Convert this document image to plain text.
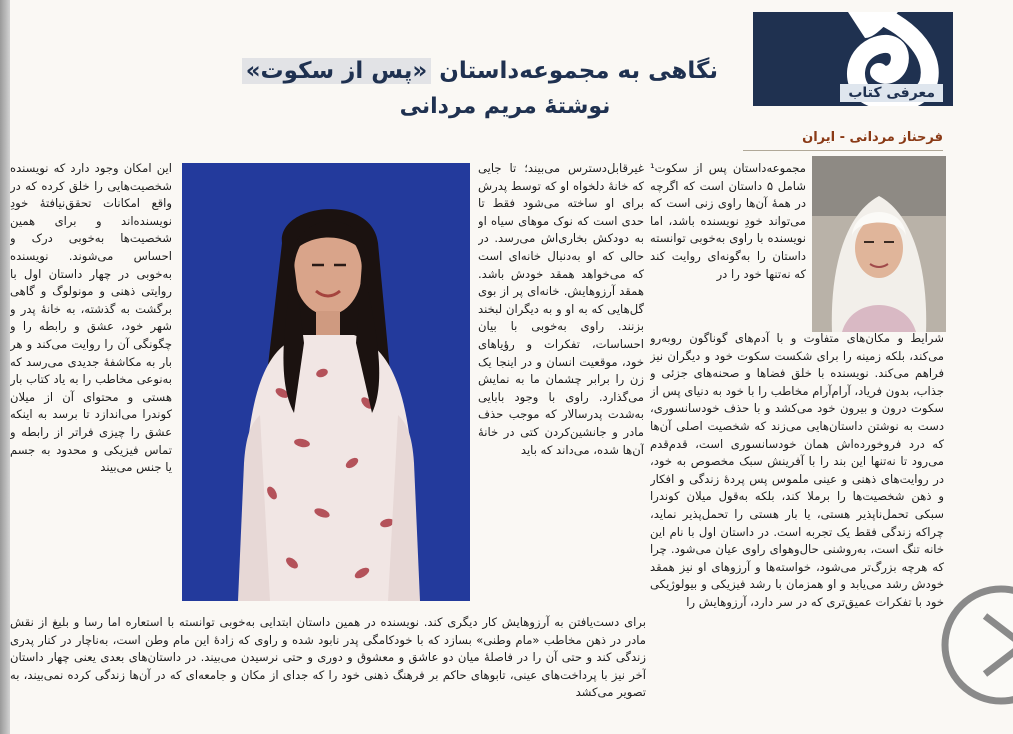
معرفی کتاب
نگاهی به مجموعه‌داستان «پس از سکوت»
نوشتهٔ مریم مردانی
فرحناز مردانی - ایران

مجموعه‌داستان پس از سکوت¹ شامل ۵ داستان است که اگرچه در همهٔ آن‌ها راوی زنی است که می‌تواند خودِ نویسنده باشد، اما نویسنده با راوی به‌خوبی توانسته داستان را به‌گونه‌ای روایت کند که نه‌تنها خود را در

شرایط و مکان‌های متفاوت و با آدم‌های گوناگون روبه‌رو می‌کند، بلکه زمینه را برای شکست سکوت خود و دیگران نیز فراهم می‌کند. نویسنده با خلق فضاها و صحنه‌های جزئی و جذاب، بدون فریاد، آرام‌آرام مخاطب را با خود به دنیای پس از سکوت درون و بیرون خود می‌کشد و با حذف خودسانسوری، دست به نوشتن داستان‌هایی می‌زند که شخصیت اصلی آن‌ها که درد فروخورده‌اش همان خودسانسوری است، قدم‌قدم می‌رود تا نه‌تنها این بند را با آفرینش سبک مخصوص به خود، در روایت‌های ذهنی و عینی ملموس پس پردهٔ زندگی و افکار و ذهن شخصیت‌ها را برملا کند، بلکه به‌قول میلان کوندرا سبکی تحمل‌ناپذیر هستی، یا بار هستی را تحمل‌پذیر نماید، چراکه زندگی فقط یک تجربه است. در داستان اول با نام این خانه تنگ است، به‌روشنی حال‌وهوای راوی عیان می‌شود. چرا که هرچه بزرگ‌تر می‌شود، خواسته‌ها و آرزوهای او نیز همقد خودش رشد می‌یابد و او همزمان با رشد فیزیکی و بیولوژیکی خود با تفکرات عمیق‌تری که در سر دارد، آرزوهایش را

غیرقابل‌دسترس می‌بیند؛ تا جایی که خانهٔ دلخواه او که توسط پدرش برای او ساخته می‌شود فقط تا حدی است که نوک موهای سیاه او به دودکش بخاری‌اش می‌رسد. در حالی که او به‌دنبال خانه‌ای است که می‌خواهد همقد خودش باشد. همقد آرزوهایش. خانه‌ای پر از بوی گل‌هایی که به او و به دیگران لبخند بزنند. راوی به‌خوبی با بیان احساسات، تفکرات و رؤیاهای خود، موقعیت انسان و در اینجا یک زن را برابر چشمان ما به نمایش می‌گذارد. راوی با وجود بابایی به‌شدت پدرسالار که موجب حذف مادر و جانشین‌کردن کتی در خانهٔ آن‌ها شده، می‌داند که باید

این امکان وجود دارد که نویسنده شخصیت‌هایی را خلق کرده که در واقع امکانات تحقق‌نیافتهٔ خودِ نویسنده‌اند و برای همین شخصیت‌ها به‌خوبی درک و احساس می‌شوند. نویسنده به‌خوبی در چهار داستان اول با روایتی ذهنی و مونولوگ و گاهی برگشت به گذشته، به خانهٔ پدر و شهر خود، عشق و رابطه را و چگونگی آن را روایت می‌کند و هر بار به مکاشفهٔ جدیدی می‌رسد که به‌نوعی مخاطب را به یاد کتاب بار هستی و محتوای آن از میلان کوندرا می‌اندازد تا برسد به اینکه عشق را چیزی فراتر از رابطه و تماس فیزیکی و محدود به جسم یا جنس می‌بیند

برای دست‌یافتن به آرزوهایش کار دیگری کند. نویسنده در همین داستان ابتدایی به‌خوبی توانسته با استعاره اما رسا و بلیغ از نقش مادر در ذهن مخاطب «مام وطنی» بسازد که با خودکامگی پدر نابود شده و راوی که زادهٔ این مام وطن است، به‌ناچار در کنار پدری زندگی کند و حتی آن را در فاصلهٔ میان دو عاشق و معشوق و دوری و حتی نرسیدن می‌بیند. در داستان‌های بعدی یعنی چهار داستان آخر نیز با پرداخت‌های عینی، تابوهای حاکم بر فرهنگ ذهنی خود را که جدای از مکان و جامعه‌ای که در آن‌ها زندگی کرده نمی‌بیند، به تصویر می‌کشد
